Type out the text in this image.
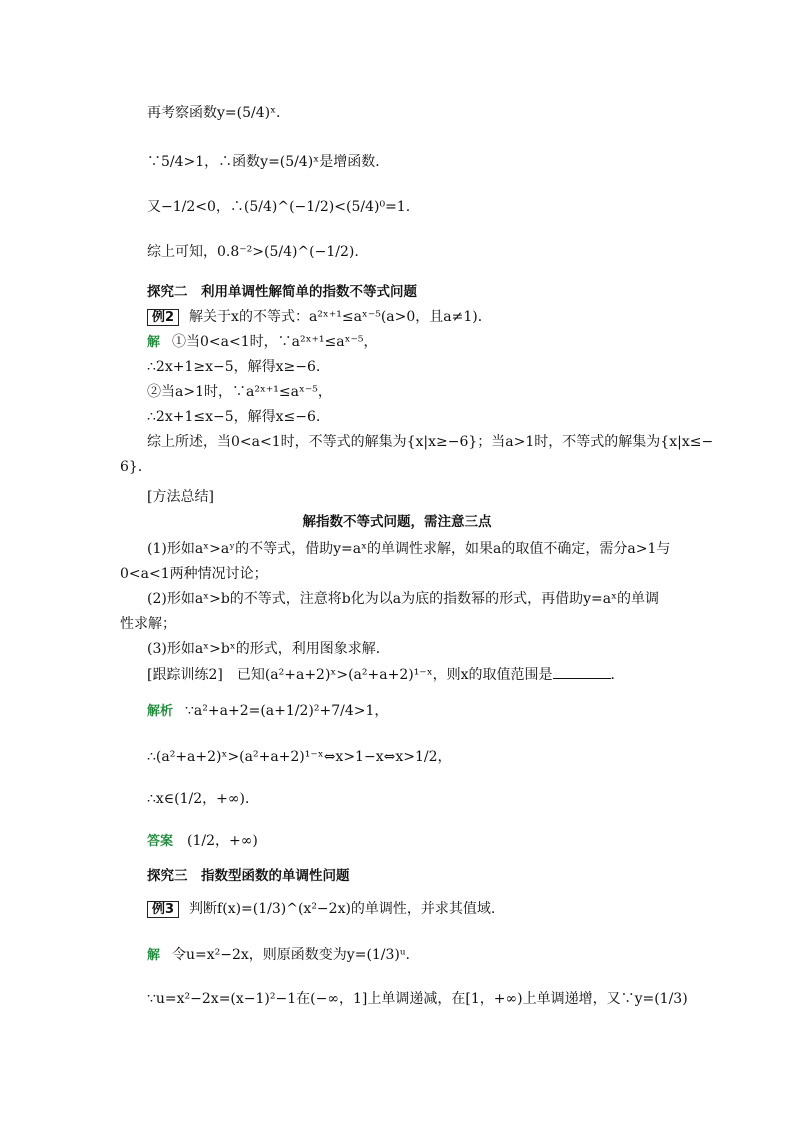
再考察函数y=(5/4)ˣ.
∵5/4>1，∴函数y=(5/4)ˣ是增函数．
又−1/2<0，∴(5/4)^(−1/2)<(5/4)⁰=1.
综上可知，0.8⁻²>(5/4)^(−1/2).
探究二　利用单调性解简单的指数不等式问题
例2 解关于x的不等式：a²ˣ⁺¹≤aˣ⁻⁵(a>0，且a≠1)．
解 ①当0<a<1时，∵a²ˣ⁺¹≤aˣ⁻⁵，
∴2x+1≥x−5，解得x≥−6.
②当a>1时，∵a²ˣ⁺¹≤aˣ⁻⁵，
∴2x+1≤x−5，解得x≤−6.
综上所述，当0<a<1时，不等式的解集为{x|x≥−6}；当a>1时，不等式的解集为{x|x≤−
6}．
[方法总结]
解指数不等式问题，需注意三点
(1)形如aˣ>aʸ的不等式，借助y=aˣ的单调性求解，如果a的取值不确定，需分a>1与
0<a<1两种情况讨论；
(2)形如aˣ>b的不等式，注意将b化为以a为底的指数幂的形式，再借助y=aˣ的单调
性求解；
(3)形如aˣ>bˣ的形式，利用图象求解．
[跟踪训练2]　已知(a²+a+2)ˣ>(a²+a+2)¹⁻ˣ，则x的取值范围是	．
解析 ∵a²+a+2=(a+1/2)²+7/4>1，
∴(a²+a+2)ˣ>(a²+a+2)¹⁻ˣ⇔x>1−x⇔x>1/2，
∴x∈(1/2，+∞)．
答案 (1/2，+∞)
探究三　指数型函数的单调性问题
例3 判断f(x)=(1/3)^(x²−2x)的单调性，并求其值域.
解 令u=x²−2x，则原函数变为y=(1/3)ᵘ.
∵u=x²−2x=(x−1)²−1在(−∞，1]上单调递减，在[1，+∞)上单调递增，又∵y=(1/3)
